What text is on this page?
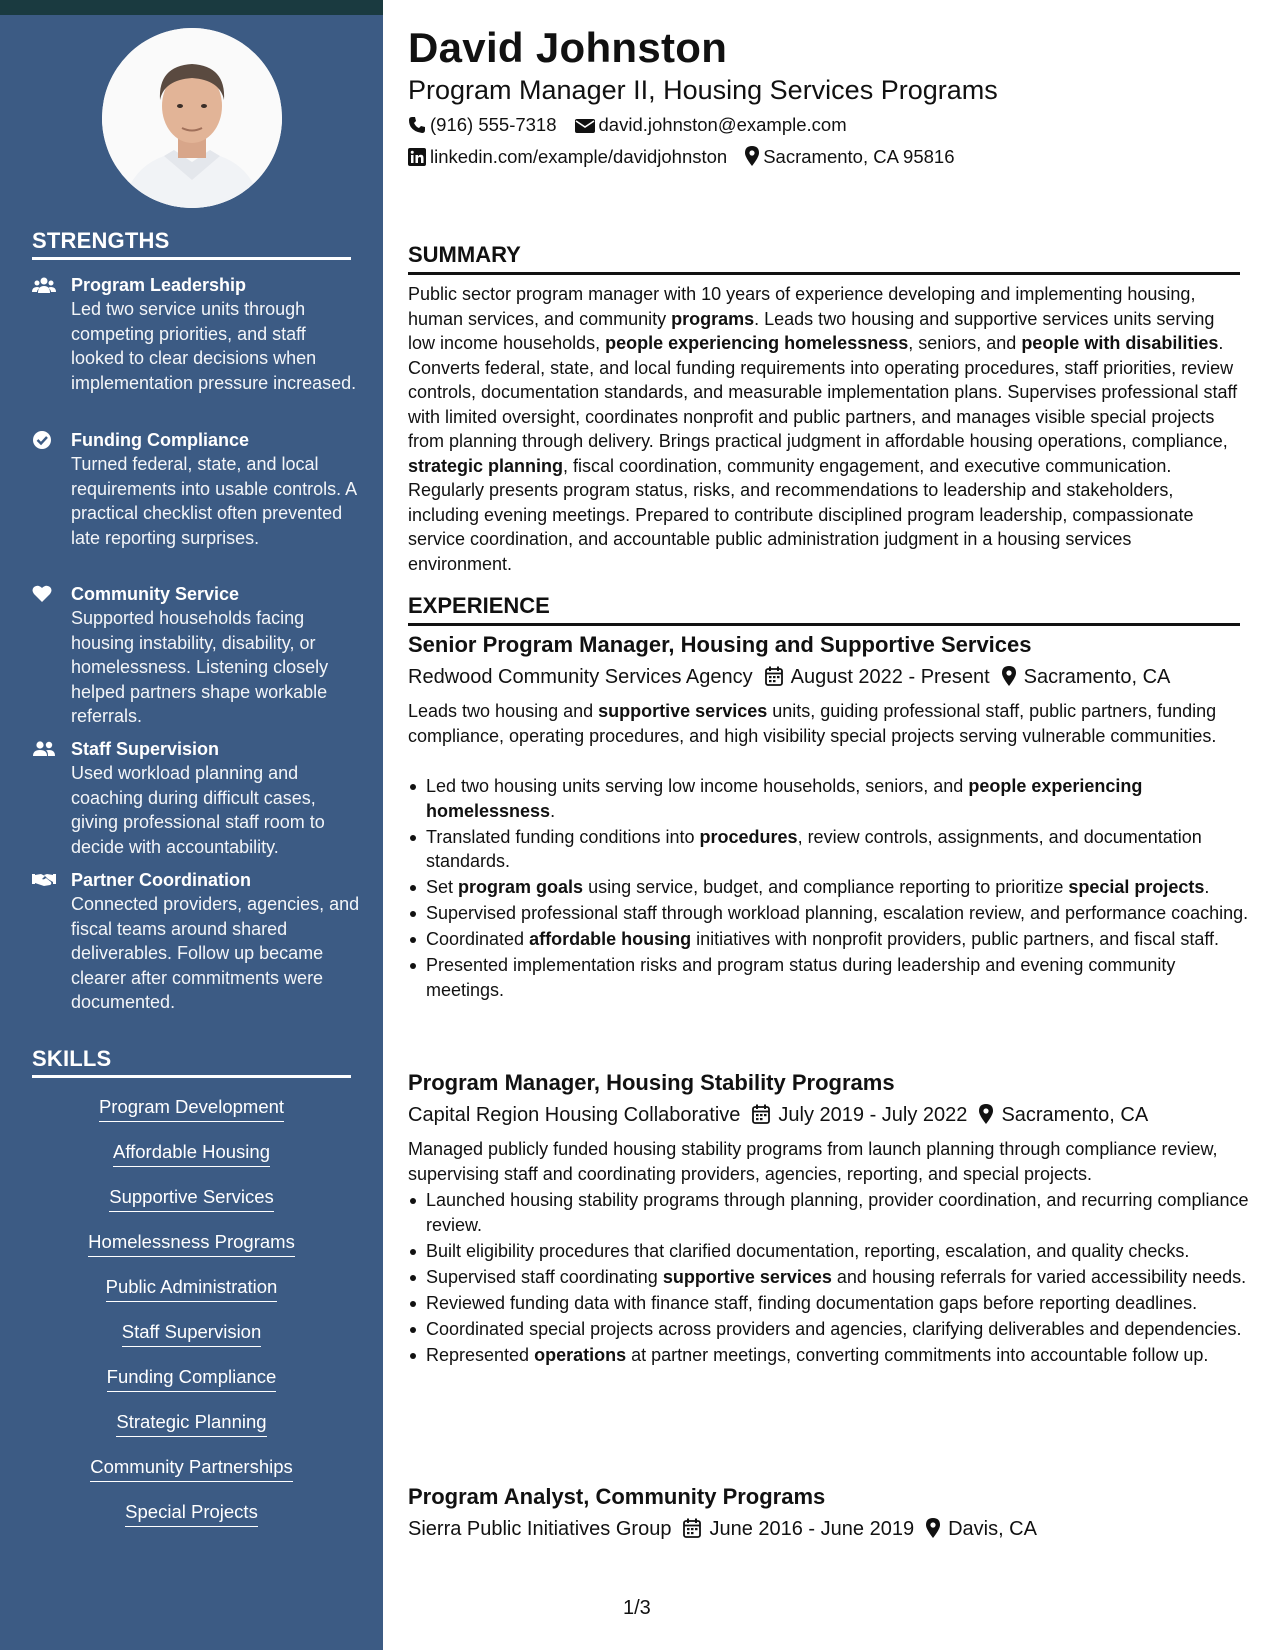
STRENGTHS
Program Leadership
Led two service units through competing priorities, and staff looked to clear decisions when implementation pressure increased.
Funding Compliance
Turned federal, state, and local requirements into usable controls. A practical checklist often prevented late reporting surprises.
Community Service
Supported households facing housing instability, disability, or homelessness. Listening closely helped partners shape workable referrals.
Staff Supervision
Used workload planning and coaching during difficult cases, giving professional staff room to decide with accountability.
Partner Coordination
Connected providers, agencies, and fiscal teams around shared deliverables. Follow up became clearer after commitments were documented.
SKILLS
Program Development
Affordable Housing
Supportive Services
Homelessness Programs
Public Administration
Staff Supervision
Funding Compliance
Strategic Planning
Community Partnerships
Special Projects
David Johnston
Program Manager II, Housing Services Programs
(916) 555-7318 david.johnston@example.com
linkedin.com/example/davidjohnston Sacramento, CA 95816
SUMMARY
Public sector program manager with 10 years of experience developing and implementing housing, human services, and community programs. Leads two housing and supportive services units serving low income households, people experiencing homelessness, seniors, and people with disabilities. Converts federal, state, and local funding requirements into operating procedures, staff priorities, review controls, documentation standards, and measurable implementation plans. Supervises professional staff with limited oversight, coordinates nonprofit and public partners, and manages visible special projects from planning through delivery. Brings practical judgment in affordable housing operations, compliance, strategic planning, fiscal coordination, community engagement, and executive communication. Regularly presents program status, risks, and recommendations to leadership and stakeholders, including evening meetings. Prepared to contribute disciplined program leadership, compassionate service coordination, and accountable public administration judgment in a housing services environment.
EXPERIENCE
Senior Program Manager, Housing and Supportive Services
Redwood Community Services Agency August 2022 - Present Sacramento, CA
Leads two housing and supportive services units, guiding professional staff, public partners, funding compliance, operating procedures, and high visibility special projects serving vulnerable communities.
Led two housing units serving low income households, seniors, and people experiencing homelessness.
Translated funding conditions into procedures, review controls, assignments, and documentation standards.
Set program goals using service, budget, and compliance reporting to prioritize special projects.
Supervised professional staff through workload planning, escalation review, and performance coaching.
Coordinated affordable housing initiatives with nonprofit providers, public partners, and fiscal staff.
Presented implementation risks and program status during leadership and evening community meetings.
Program Manager, Housing Stability Programs
Capital Region Housing Collaborative July 2019 - July 2022 Sacramento, CA
Managed publicly funded housing stability programs from launch planning through compliance review, supervising staff and coordinating providers, agencies, reporting, and special projects.
Launched housing stability programs through planning, provider coordination, and recurring compliance review.
Built eligibility procedures that clarified documentation, reporting, escalation, and quality checks.
Supervised staff coordinating supportive services and housing referrals for varied accessibility needs.
Reviewed funding data with finance staff, finding documentation gaps before reporting deadlines.
Coordinated special projects across providers and agencies, clarifying deliverables and dependencies.
Represented operations at partner meetings, converting commitments into accountable follow up.
Program Analyst, Community Programs
Sierra Public Initiatives Group June 2016 - June 2019 Davis, CA
1/3
